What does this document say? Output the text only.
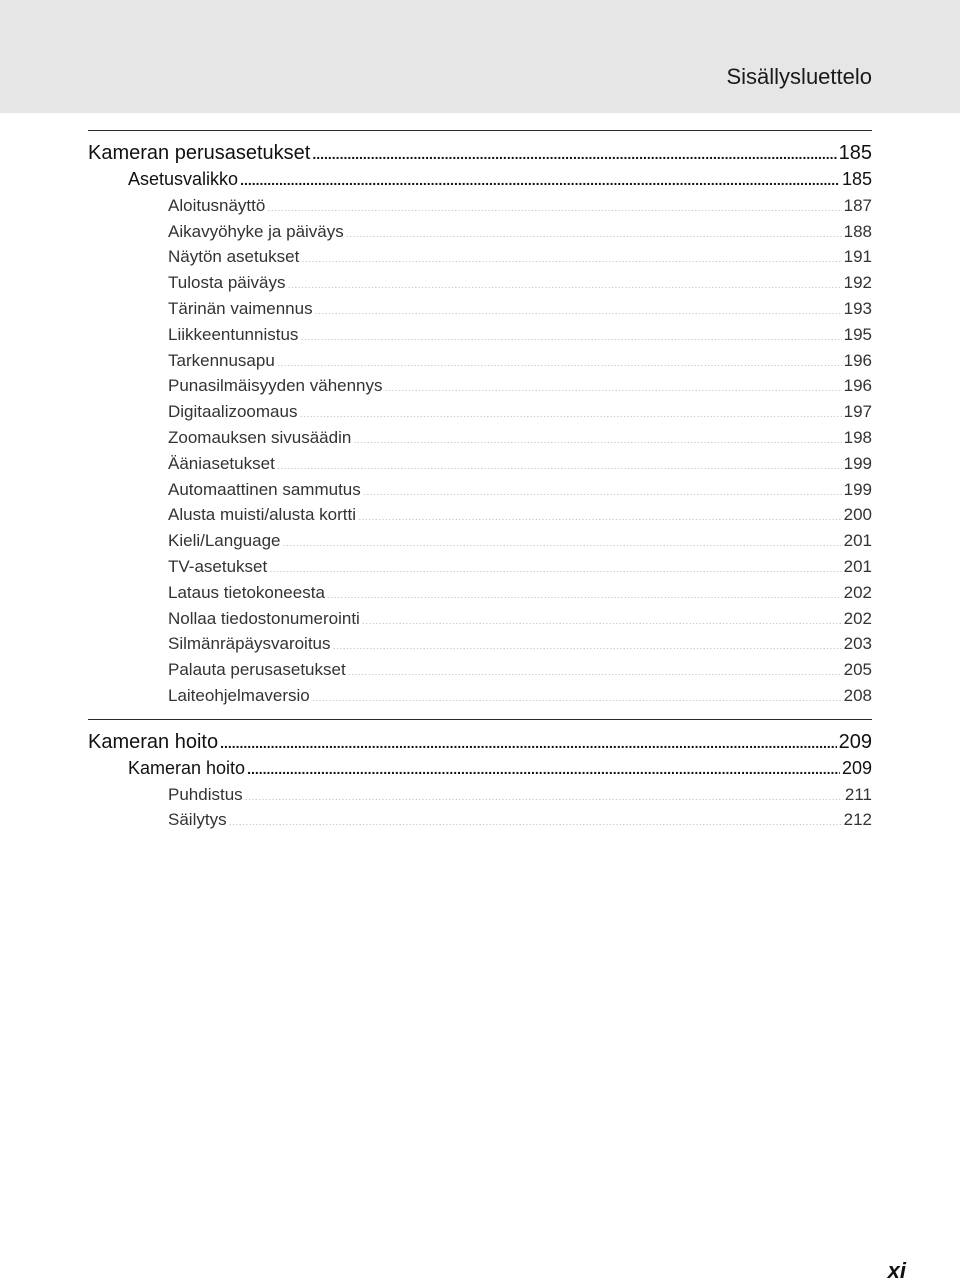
Sisällysluettelo
Kameran perusasetukset .....	185
Asetusvalikko .....	185
Aloitusnäyttö .....	187
Aikavyöhyke ja päiväys .....	188
Näytön asetukset .....	191
Tulosta päiväys .....	192
Tärinän vaimennus .....	193
Liikkeentunnistus .....	195
Tarkennusapu .....	196
Punasilmäisyyden vähennys .....	196
Digitaalizoomaus .....	197
Zoomauksen sivusäädin .....	198
Ääniasetukset .....	199
Automaattinen sammutus .....	199
Alusta muisti/alusta kortti .....	200
Kieli/Language .....	201
TV-asetukset .....	201
Lataus tietokoneesta .....	202
Nollaa tiedostonumerointi .....	202
Silmänräpäysvaroitus .....	203
Palauta perusasetukset .....	205
Laiteohjelmaversio .....	208
Kameran hoito .....	209
Kameran hoito .....	209
Puhdistus .....	211
Säilytys .....	212
xi
